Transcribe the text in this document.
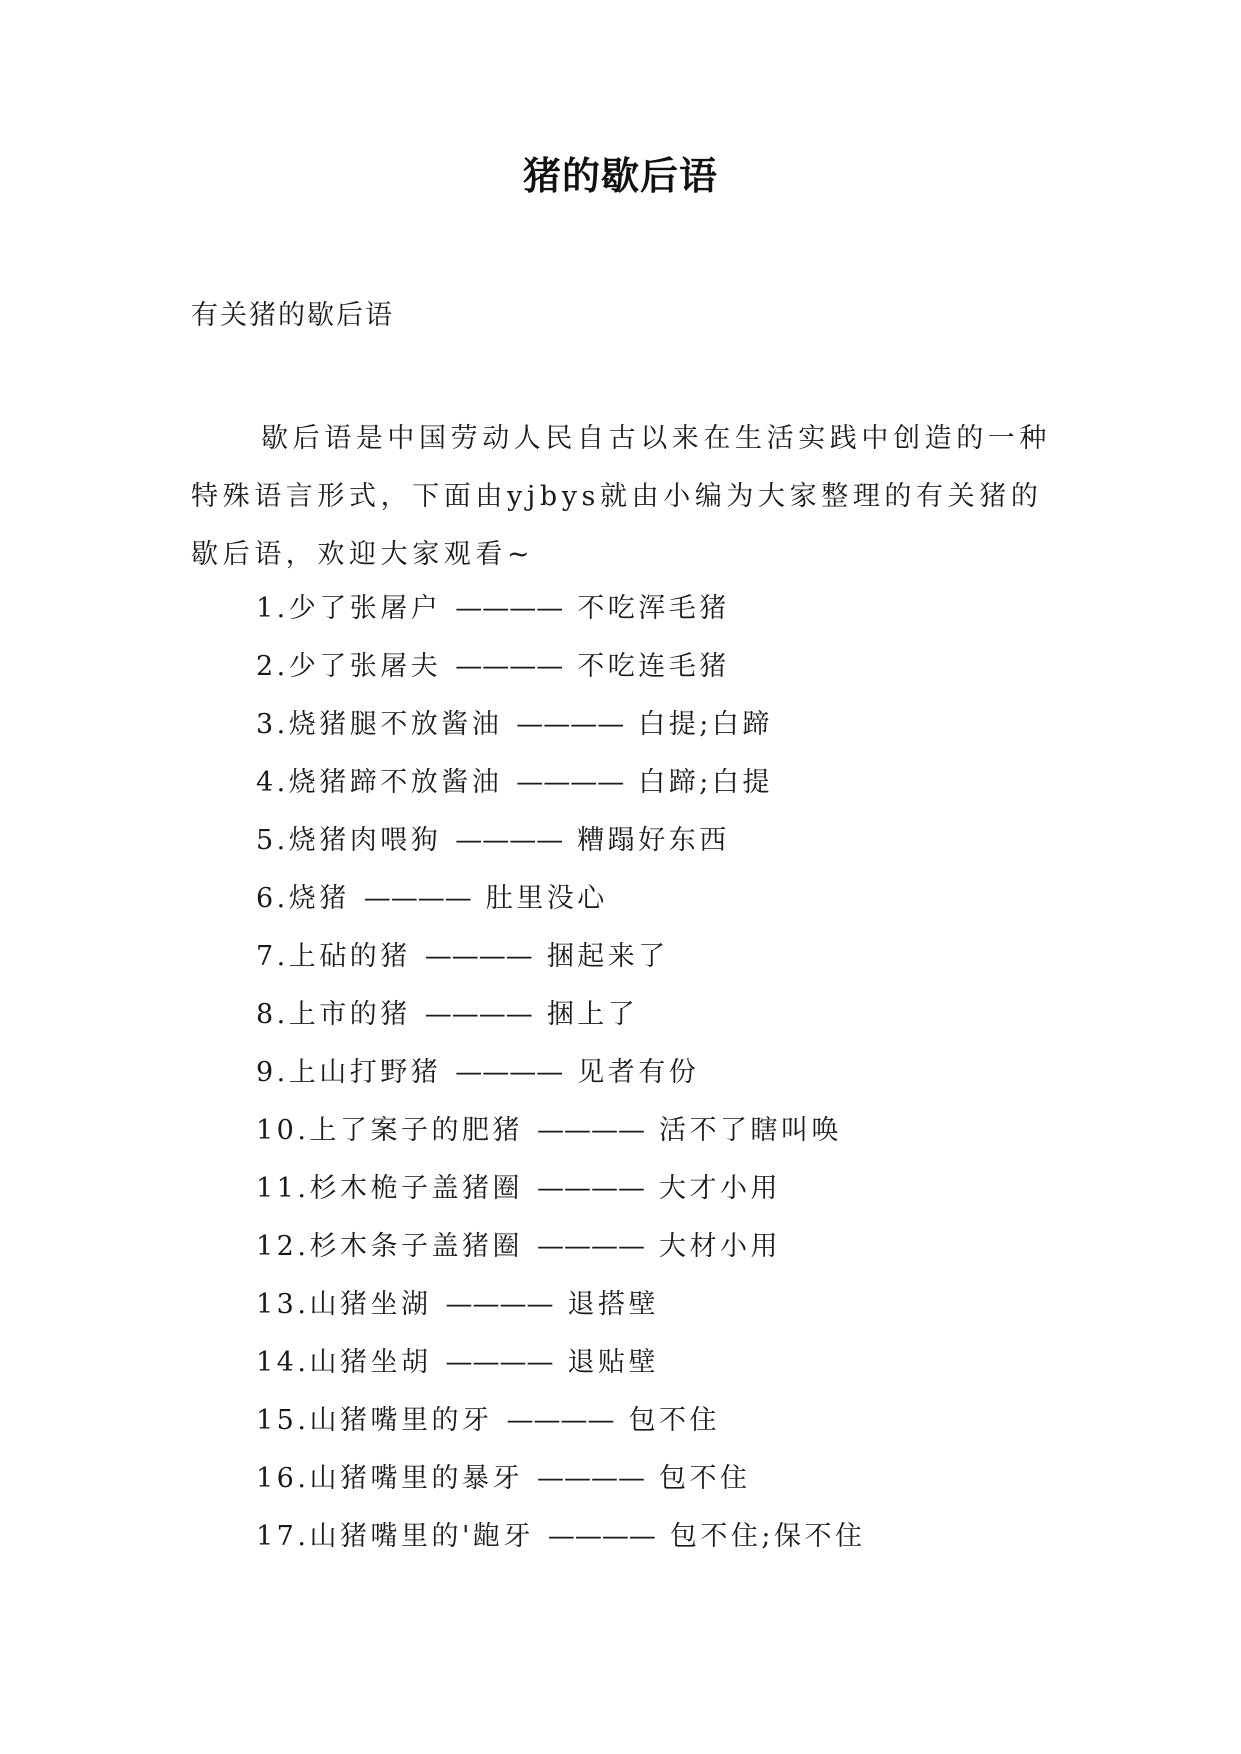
猪的歇后语
有关猪的歇后语

歇后语是中国劳动人民自古以来在生活实践中创造的一种特殊语言形式，下面由yjbys就由小编为大家整理的有关猪的歇后语，欢迎大家观看~

1.少了张屠户 ———— 不吃浑毛猪
2.少了张屠夫 ———— 不吃连毛猪
3.烧猪腿不放酱油 ———— 白提;白蹄
4.烧猪蹄不放酱油 ———— 白蹄;白提
5.烧猪肉喂狗 ———— 糟蹋好东西
6.烧猪 ———— 肚里没心
7.上砧的猪 ———— 捆起来了
8.上市的猪 ———— 捆上了
9.上山打野猪 ———— 见者有份
10.上了案子的肥猪 ———— 活不了瞎叫唤
11.杉木桅子盖猪圈 ———— 大才小用
12.杉木条子盖猪圈 ———— 大材小用
13.山猪坐湖 ———— 退搭壁
14.山猪坐胡 ———— 退贴壁
15.山猪嘴里的牙 ———— 包不住
16.山猪嘴里的暴牙 ———— 包不住
17.山猪嘴里的'龅牙 ———— 包不住;保不住
